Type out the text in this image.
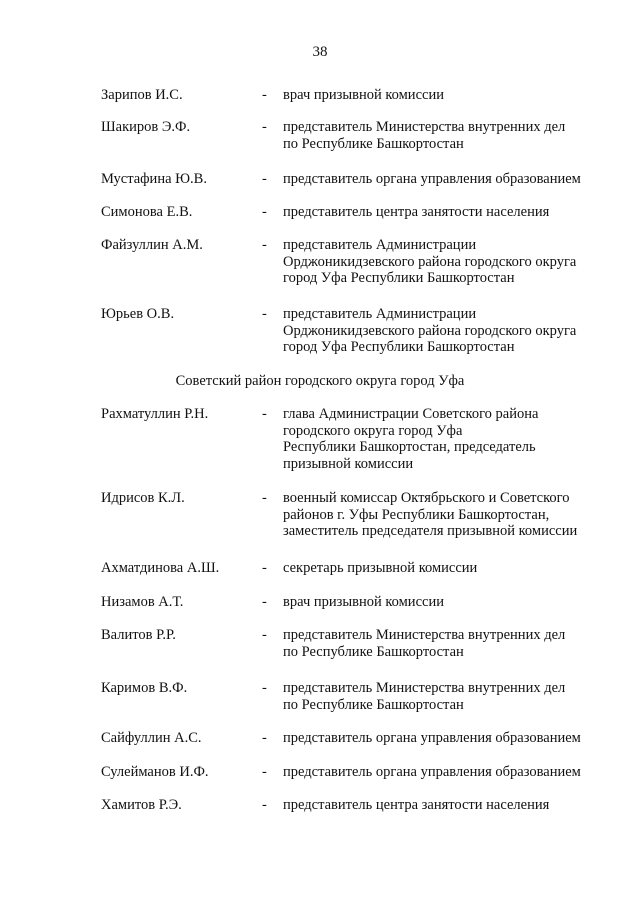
38
Зарипов И.С.	- врач призывной комиссии
Шакиров Э.Ф.	- представитель Министерства внутренних дел
по Республике Башкортостан
Мустафина Ю.В.	- представитель органа управления образованием
Симонова Е.В.	- представитель центра занятости населения
Файзуллин А.М.	- представитель Администрации
Орджоникидзевского района городского округа
город Уфа Республики Башкортостан
Юрьев О.В.	- представитель Администрации
Орджоникидзевского района городского округа
город Уфа Республики Башкортостан
Советский район городского округа город Уфа
Рахматуллин Р.Н.	- глава Администрации Советского района
городского округа город Уфа
Республики Башкортостан, председатель
призывной комиссии
Идрисов К.Л.	- военный комиссар Октябрьского и Советского
районов г. Уфы Республики Башкортостан,
заместитель председателя призывной комиссии
Ахматдинова А.Ш.	- секретарь призывной комиссии
Низамов А.Т.	- врач призывной комиссии
Валитов Р.Р.	- представитель Министерства внутренних дел
по Республике Башкортостан
Каримов В.Ф.	- представитель Министерства внутренних дел
по Республике Башкортостан
Сайфуллин А.С.	- представитель органа управления образованием
Сулейманов И.Ф.	- представитель органа управления образованием
Хамитов Р.Э.	- представитель центра занятости населения
